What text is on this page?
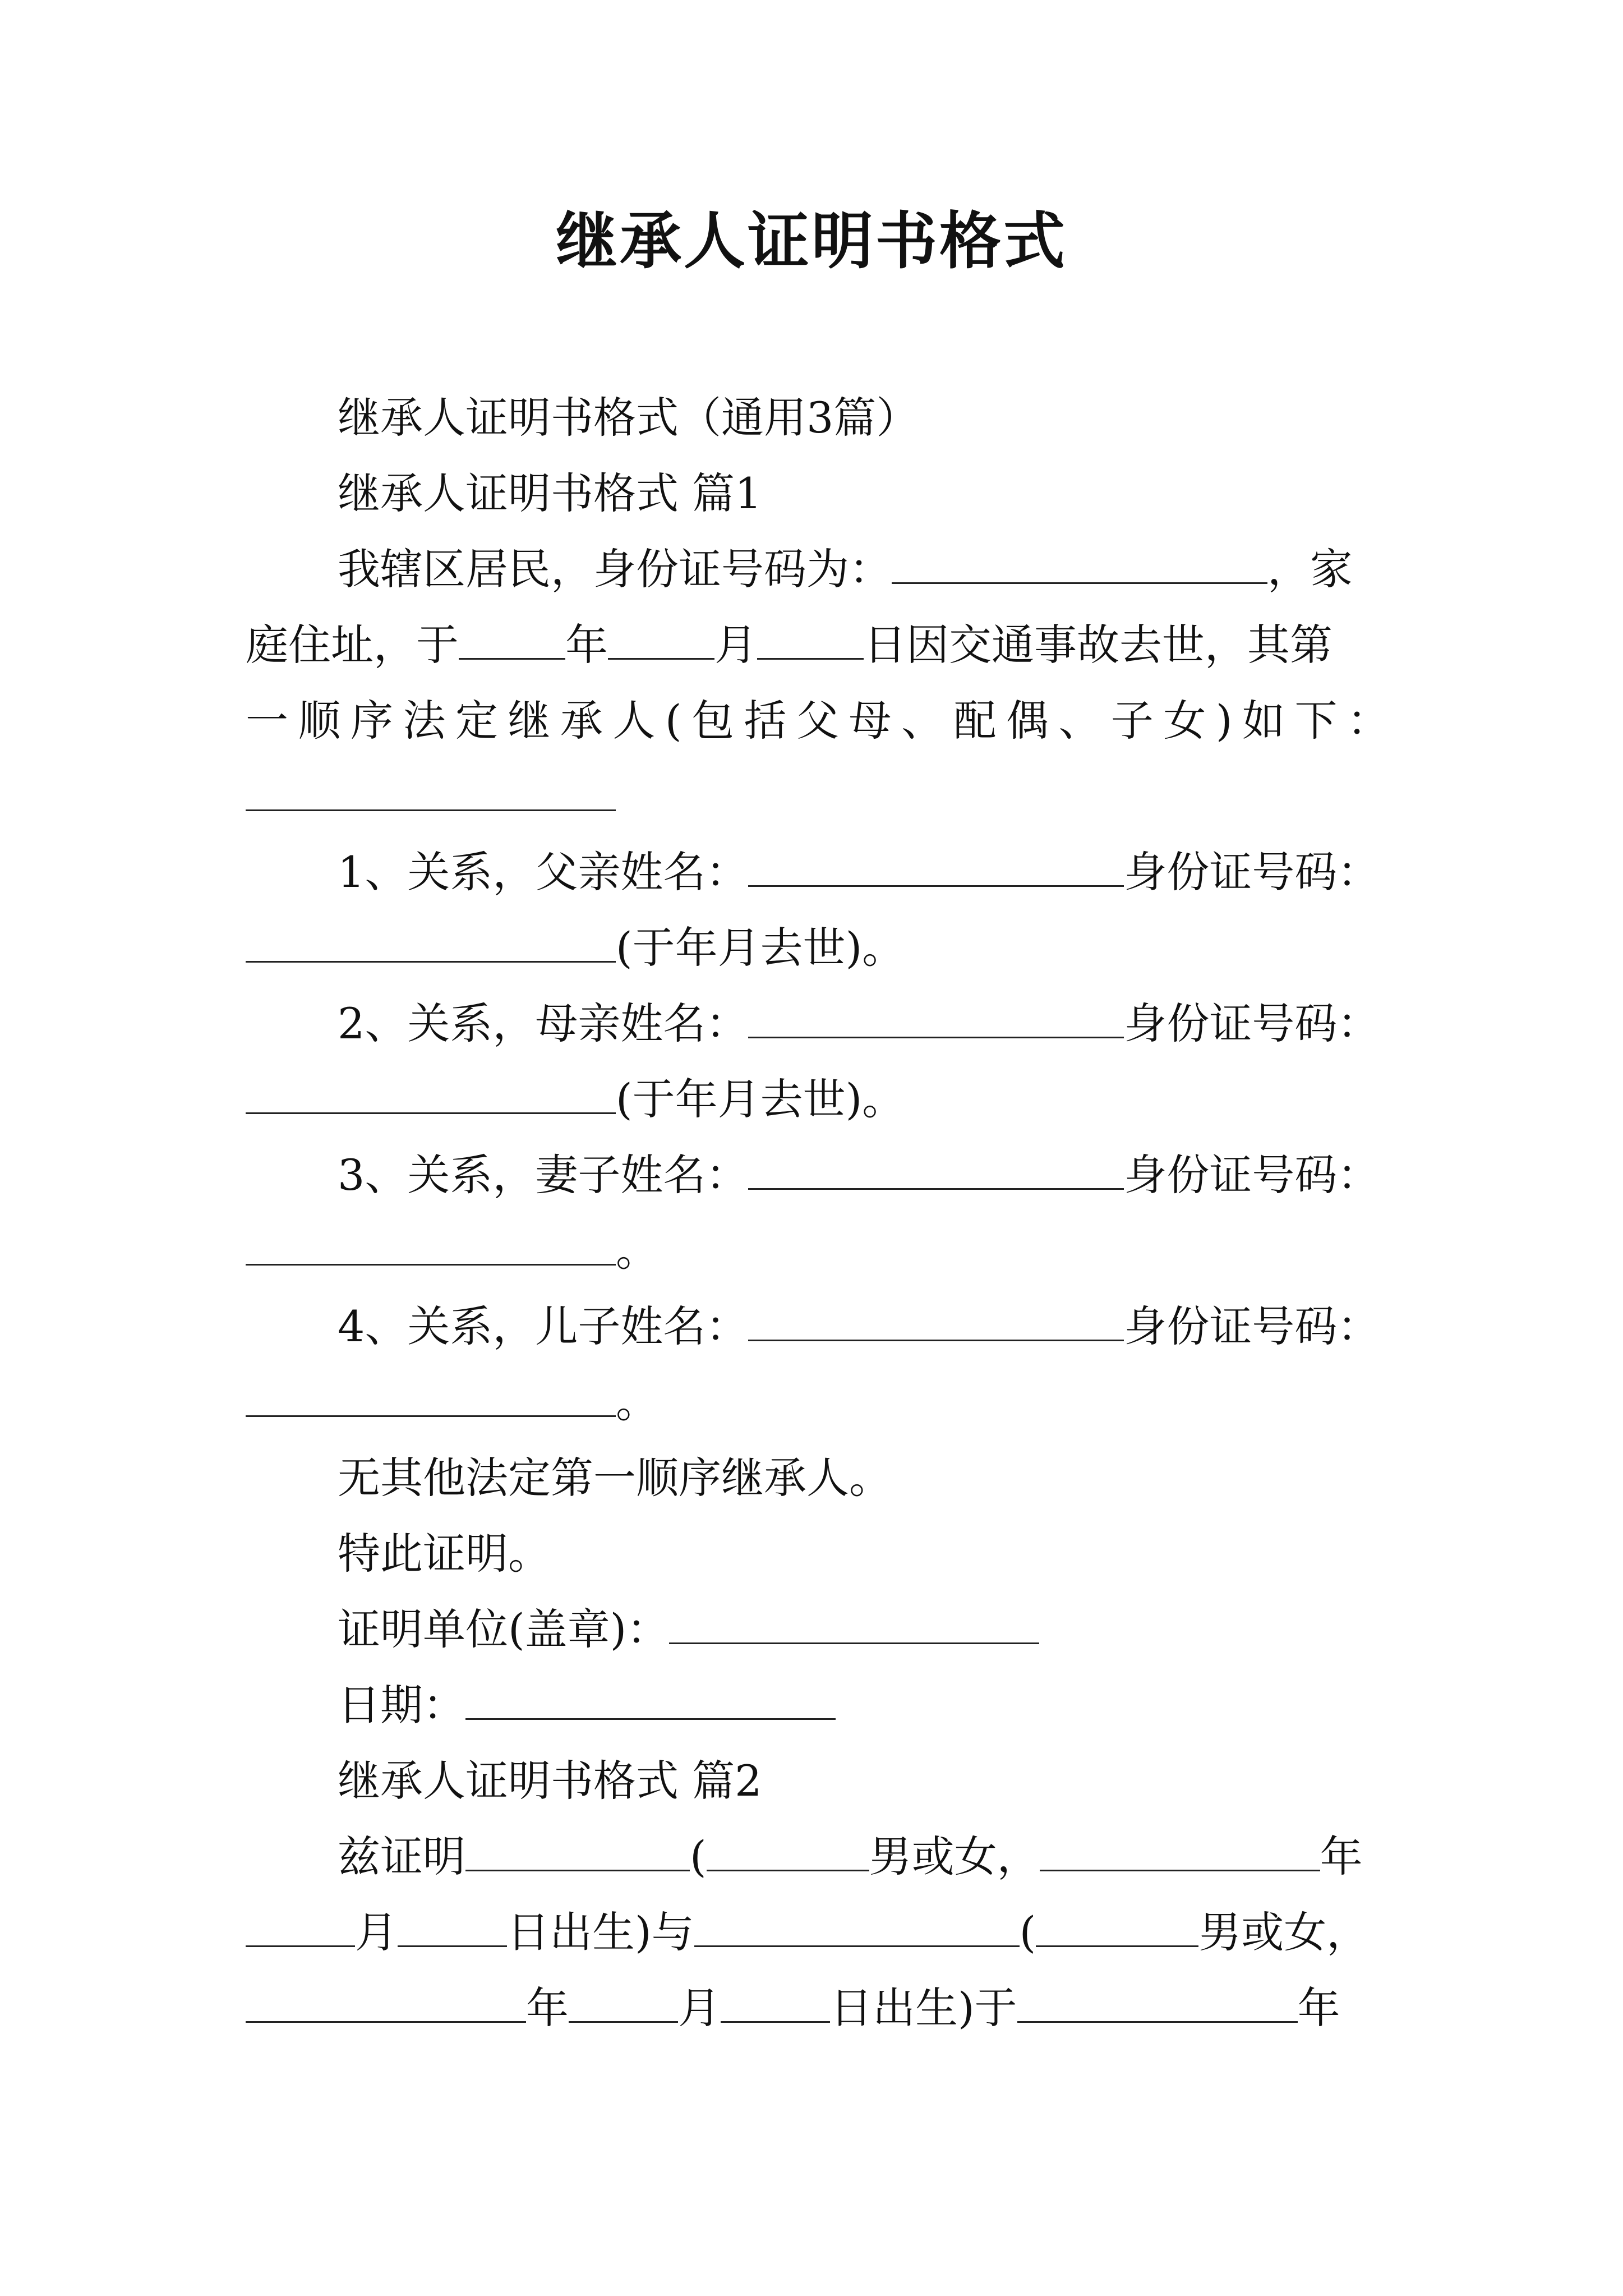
继承人证明书格式
继承人证明书格式（通用3篇）
继承人证明书格式 篇1
我辖区居民，身份证号码为：	，家
庭住址，于	年	月	日因交通事故去世，其第
一顺序法定继承人(包括父母、配偶、子女)如下：
1、关系，父亲姓名：	身份证号码：
(于年月去世)。
2、关系，母亲姓名：	身份证号码：
(于年月去世)。
3、关系，妻子姓名：	身份证号码：
。
4、关系，儿子姓名：	身份证号码：
。
无其他法定第一顺序继承人。
特此证明。
证明单位(盖章)：
日期：
继承人证明书格式 篇2
兹证明	(	男或女，	年
月	日出生)与	(	男或女，
年	月	日出生)于	年
